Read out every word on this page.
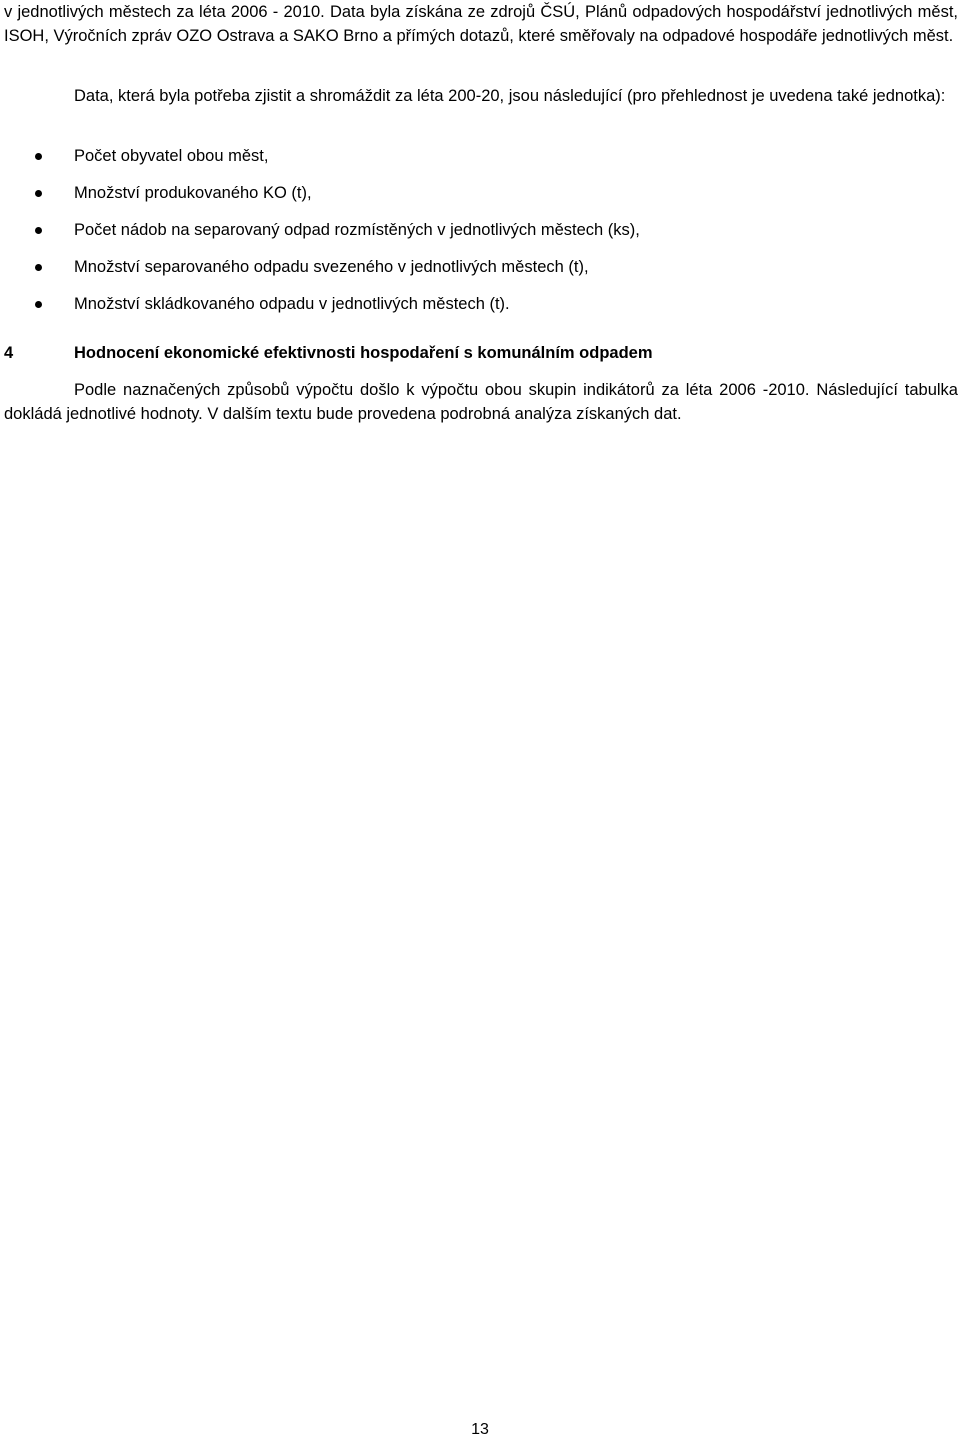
v jednotlivých městech za léta 2006 - 2010. Data byla získána ze zdrojů ČSÚ, Plánů odpadových hospodářství jednotlivých měst, ISOH, Výročních zpráv OZO Ostrava a SAKO Brno a přímých dotazů, které směřovaly na odpadové hospodáře jednotlivých měst.

Data, která byla potřeba zjistit a shromáždit za léta 200-20, jsou následující (pro přehlednost je uvedena také jednotka):

Počet obyvatel obou měst,
Množství produkovaného KO (t),
Počet nádob na separovaný odpad rozmístěných v jednotlivých městech (ks),
Množství separovaného odpadu svezeného v jednotlivých městech (t),
Množství skládkovaného odpadu v jednotlivých městech (t).
4	Hodnocení ekonomické efektivnosti hospodaření s komunálním odpadem

Podle naznačených způsobů výpočtu došlo k výpočtu obou skupin indikátorů za léta 2006 -2010. Následující tabulka dokládá jednotlivé hodnoty. V dalším textu bude provedena podrobná analýza získaných dat.

13
